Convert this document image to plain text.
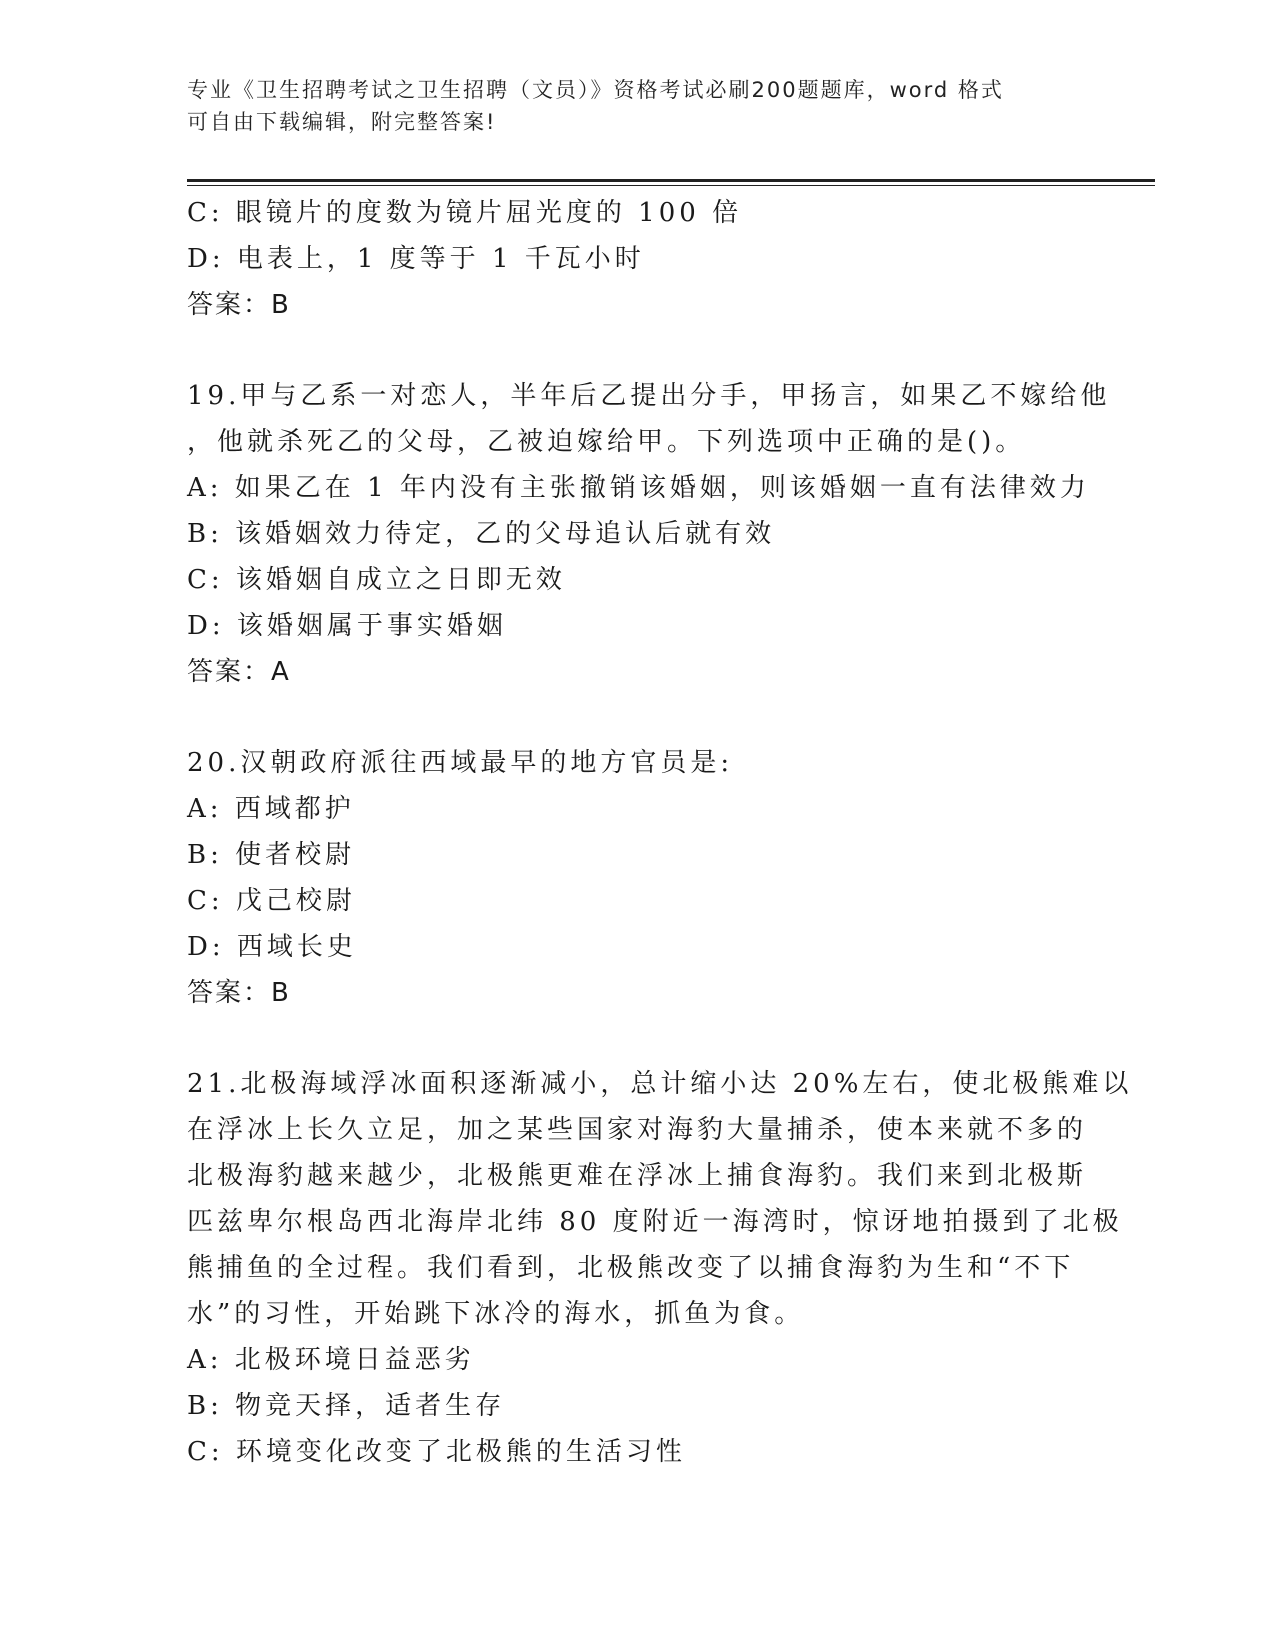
专业《卫生招聘考试之卫生招聘（文员）》资格考试必刷200题题库，word 格式
可自由下载编辑，附完整答案!
C: 眼镜片的度数为镜片屈光度的 100 倍
D: 电表上，1 度等于 1 千瓦小时
答案：B
19.甲与乙系一对恋人，半年后乙提出分手，甲扬言，如果乙不嫁给他
，他就杀死乙的父母，乙被迫嫁给甲。下列选项中正确的是()。
A: 如果乙在 1 年内没有主张撤销该婚姻，则该婚姻一直有法律效力
B: 该婚姻效力待定，乙的父母追认后就有效
C: 该婚姻自成立之日即无效
D: 该婚姻属于事实婚姻
答案：A
20.汉朝政府派往西域最早的地方官员是:
A: 西域都护
B: 使者校尉
C: 戊己校尉
D: 西域长史
答案：B
21.北极海域浮冰面积逐渐减小，总计缩小达 20%左右，使北极熊难以
在浮冰上长久立足，加之某些国家对海豹大量捕杀，使本来就不多的
北极海豹越来越少，北极熊更难在浮冰上捕食海豹。我们来到北极斯
匹兹卑尔根岛西北海岸北纬 80 度附近一海湾时，惊讶地拍摄到了北极
熊捕鱼的全过程。我们看到，北极熊改变了以捕食海豹为生和“不下
水”的习性，开始跳下冰冷的海水，抓鱼为食。
A: 北极环境日益恶劣
B: 物竞天择，适者生存
C: 环境变化改变了北极熊的生活习性
